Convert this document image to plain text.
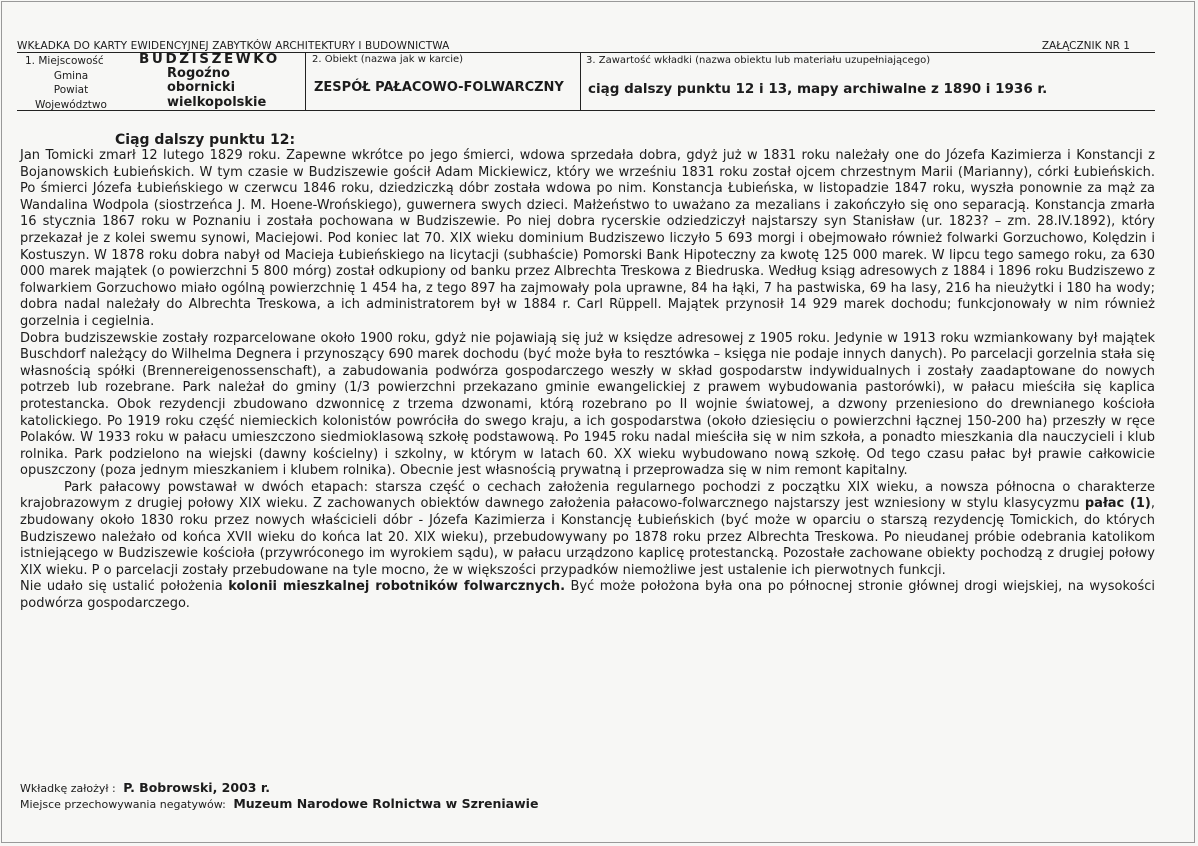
WKŁADKA DO KARTY EWIDENCYJNEJ ZABYTKÓW ARCHITEKTURY I BUDOWNICTWA	ZAŁĄCZNIK NR 1
1. Miejscowość
Gmina
Powiat
Województwo
BUDZISZEWKO
Rogoźno
obornicki
wielkopolskie
2. Obiekt (nazwa jak w karcie)
ZESPÓŁ PAŁACOWO-FOLWARCZNY
3. Zawartość wkładki (nazwa obiektu lub materiału uzupełniającego)
ciąg dalszy punktu 12 i 13, mapy archiwalne z 1890 i 1936 r.
Ciąg dalszy punktu 12:

Jan Tomicki zmarł 12 lutego 1829 roku. Zapewne wkrótce po jego śmierci, wdowa sprzedała dobra, gdyż już w 1831 roku należały one do Józefa Kazimierza i Konstancji z Bojanowskich Łubieńskich. W tym czasie w Budziszewie gościł Adam Mickiewicz, który we wrześniu 1831 roku został ojcem chrzestnym Marii (Marianny), córki Łubieńskich. Po śmierci Józefa Łubieńskiego w czerwcu 1846 roku, dziedziczką dóbr została wdowa po nim. Konstancja Łubieńska, w listopadzie 1847 roku, wyszła ponownie za mąż za Wandalina Wodpola (siostrzeńca J. M. Hoene-Wrońskiego), guwernera swych dzieci. Małżeństwo to uważano za mezalians i zakończyło się ono separacją. Konstancja zmarła 16 stycznia 1867 roku w Poznaniu i została pochowana w Budziszewie. Po niej dobra rycerskie odziedziczył najstarszy syn Stanisław (ur. 1823? – zm. 28.IV.1892), który przekazał je z kolei swemu synowi, Maciejowi. Pod koniec lat 70. XIX wieku dominium Budziszewo liczyło 5 693 morgi i obejmowało również folwarki Gorzuchowo, Kolędzin i Kostuszyn. W 1878 roku dobra nabył od Macieja Łubieńskiego na licytacji (subhaście) Pomorski Bank Hipoteczny za kwotę 125 000 marek. W lipcu tego samego roku, za 630 000 marek majątek (o powierzchni 5 800 mórg) został odkupiony od banku przez Albrechta Treskowa z Biedruska. Według ksiąg adresowych z 1884 i 1896 roku Budziszewo z folwarkiem Gorzuchowo miało ogólną powierzchnię 1 454 ha, z tego 897 ha zajmowały pola uprawne, 84 ha łąki, 7 ha pastwiska, 69 ha lasy, 216 ha nieużytki i 180 ha wody; dobra nadal należały do Albrechta Treskowa, a ich administratorem był w 1884 r. Carl Rüppell. Majątek przynosił 14 929 marek dochodu; funkcjonowały w nim również gorzelnia i cegielnia.

Dobra budziszewskie zostały rozparcelowane około 1900 roku, gdyż nie pojawiają się już w księdze adresowej z 1905 roku. Jedynie w 1913 roku wzmiankowany był majątek Buschdorf należący do Wilhelma Degnera i przynoszący 690 marek dochodu (być może była to resztówka – księga nie podaje innych danych). Po parcelacji gorzelnia stała się własnością spółki (Brennereigenossenschaft), a zabudowania podwórza gospodarczego weszły w skład gospodarstw indywidualnych i zostały zaadaptowane do nowych potrzeb lub rozebrane. Park należał do gminy (1/3 powierzchni przekazano gminie ewangelickiej z prawem wybudowania pastorówki), w pałacu mieściła się kaplica protestancka. Obok rezydencji zbudowano dzwonnicę z trzema dzwonami, którą rozebrano po II wojnie światowej, a dzwony przeniesiono do drewnianego kościoła katolickiego. Po 1919 roku część niemieckich kolonistów powróciła do swego kraju, a ich gospodarstwa (około dziesięciu o powierzchni łącznej 150-200 ha) przeszły w ręce Polaków. W 1933 roku w pałacu umieszczono siedmioklasową szkołę podstawową. Po 1945 roku nadal mieściła się w nim szkoła, a ponadto mieszkania dla nauczycieli i klub rolnika. Park podzielono na wiejski (dawny kościelny) i szkolny, w którym w latach 60. XX wieku wybudowano nową szkołę. Od tego czasu pałac był prawie całkowicie opuszczony (poza jednym mieszkaniem i klubem rolnika). Obecnie jest własnością prywatną i przeprowadza się w nim remont kapitalny.

Park pałacowy powstawał w dwóch etapach: starsza część o cechach założenia regularnego pochodzi z początku XIX wieku, a nowsza północna o charakterze krajobrazowym z drugiej połowy XIX wieku. Z zachowanych obiektów dawnego założenia pałacowo-folwarcznego najstarszy jest wzniesiony w stylu klasycyzmu pałac (1), zbudowany około 1830 roku przez nowych właścicieli dóbr - Józefa Kazimierza i Konstancję Łubieńskich (być może w oparciu o starszą rezydencję Tomickich, do których Budziszewo należało od końca XVII wieku do końca lat 20. XIX wieku), przebudowywany po 1878 roku przez Albrechta Treskowa. Po nieudanej próbie odebrania katolikom istniejącego w Budziszewie kościoła (przywróconego im wyrokiem sądu), w pałacu urządzono kaplicę protestancką. Pozostałe zachowane obiekty pochodzą z drugiej połowy XIX wieku. P o parcelacji zostały przebudowane na tyle mocno, że w większości przypadków niemożliwe jest ustalenie ich pierwotnych funkcji.

Nie udało się ustalić położenia kolonii mieszkalnej robotników folwarcznych. Być może położona była ona po północnej stronie głównej drogi wiejskiej, na wysokości podwórza gospodarczego.

Wkładkę założył : P. Bobrowski, 2003 r.
Miejsce przechowywania negatywów: Muzeum Narodowe Rolnictwa w Szreniawie
